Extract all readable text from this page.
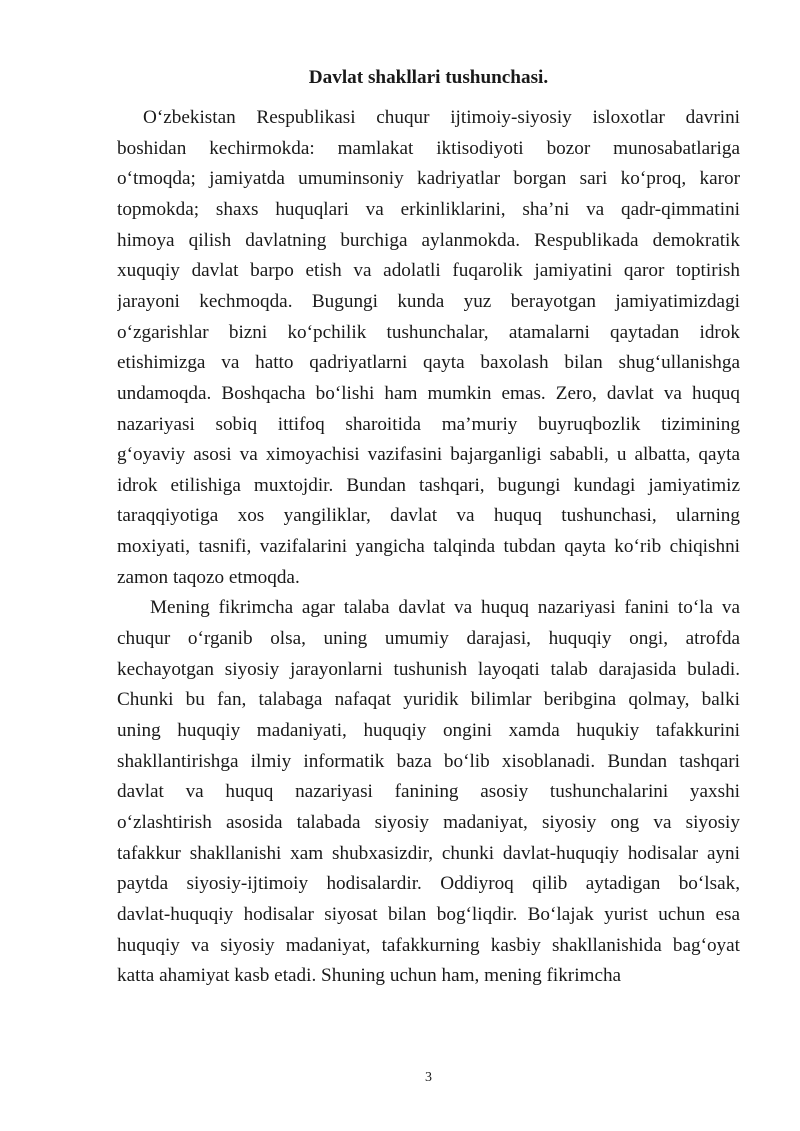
Davlat shakllari tushunchasi.
O‘zbekistan Respublikasi chuqur ijtimoiy-siyosiy isloxotlar davrini
boshidan kechirmokda: mamlakat iktisodiyoti bozor munosabatlariga
o‘tmoqda; jamiyatda umuminsoniy kadriyatlar borgan sari ko‘proq, karor
topmokda; shaxs huquqlari va erkinliklarini, sha’ni va qadr-qimmatini
himoya qilish davlatning burchiga aylanmokda. Respublikada demokratik
xuquqiy davlat barpo etish va adolatli fuqarolik jamiyatini qaror toptirish
jarayoni kechmoqda. Bugungi kunda yuz berayotgan jamiyatimizdagi
o‘zgarishlar bizni ko‘pchilik tushunchalar, atamalarni qaytadan idrok
etishimizga va hatto qadriyatlarni qayta baxolash bilan shug‘ullanishga
undamoqda. Boshqacha bo‘lishi ham mumkin emas. Zero, davlat va huquq
nazariyasi sobiq ittifoq sharoitida ma’muriy buyruqbozlik tizimining
g‘oyaviy asosi va ximoyachisi vazifasini bajarganligi sababli, u albatta, qayta
idrok etilishiga muxtojdir. Bundan tashqari, bugungi kundagi jamiyatimiz
taraqqiyotiga xos yangiliklar, davlat va huquq tushunchasi, ularning
moxiyati, tasnifi, vazifalarini yangicha talqinda tubdan qayta ko‘rib chiqishni
zamon taqozo etmoqda.
Mening fikrimcha agar talaba davlat va huquq nazariyasi fanini to‘la va
chuqur o‘rganib olsa, uning umumiy darajasi, huquqiy ongi, atrofda
kechayotgan siyosiy jarayonlarni tushunish layoqati talab darajasida buladi.
Chunki bu fan, talabaga nafaqat yuridik bilimlar beribgina qolmay, balki
uning huquqiy madaniyati, huquqiy ongini xamda huqukiy tafakkurini
shakllantirishga ilmiy informatik baza bo‘lib xisoblanadi. Bundan tashqari
davlat va huquq nazariyasi fanining asosiy tushunchalarini yaxshi
o‘zlashtirish asosida talabada siyosiy madaniyat, siyosiy ong va siyosiy
tafakkur shakllanishi xam shubxasizdir, chunki davlat-huquqiy hodisalar ayni
paytda siyosiy-ijtimoiy hodisalardir. Oddiyroq qilib aytadigan bo‘lsak,
davlat-huquqiy hodisalar siyosat bilan bog‘liqdir. Bo‘lajak yurist uchun esa
huquqiy va siyosiy madaniyat, tafakkurning kasbiy shakllanishida bag‘oyat
katta ahamiyat kasb etadi. Shuning uchun ham, mening fikrimcha
3
